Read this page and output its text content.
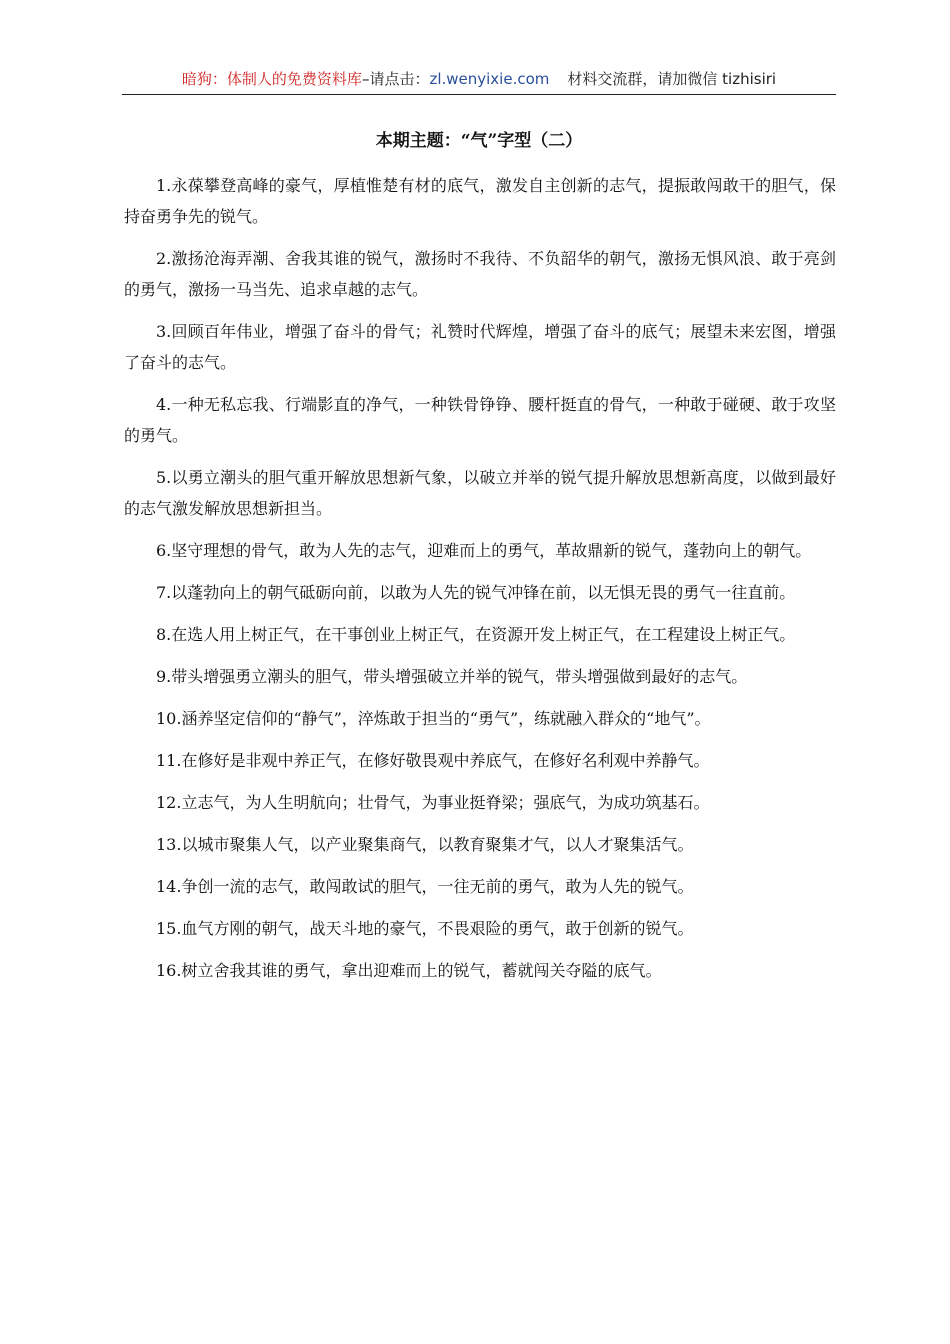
暗狗：体制人的免费资料库–请点击：zl.wenyixie.com 材料交流群，请加微信 tizhisiri
本期主题：“气”字型（二）

1.永葆攀登高峰的豪气，厚植惟楚有材的底气，激发自主创新的志气，提振敢闯敢干的胆气，保持奋勇争先的锐气。

2.激扬沧海弄潮、舍我其谁的锐气，激扬时不我待、不负韶华的朝气，激扬无惧风浪、敢于亮剑的勇气，激扬一马当先、追求卓越的志气。

3.回顾百年伟业，增强了奋斗的骨气；礼赞时代辉煌，增强了奋斗的底气；展望未来宏图，增强了奋斗的志气。

4.一种无私忘我、行端影直的净气，一种铁骨铮铮、腰杆挺直的骨气，一种敢于碰硬、敢于攻坚的勇气。

5.以勇立潮头的胆气重开解放思想新气象，以破立并举的锐气提升解放思想新高度，以做到最好的志气激发解放思想新担当。

6.坚守理想的骨气，敢为人先的志气，迎难而上的勇气，革故鼎新的锐气，蓬勃向上的朝气。

7.以蓬勃向上的朝气砥砺向前，以敢为人先的锐气冲锋在前，以无惧无畏的勇气一往直前。

8.在选人用上树正气，在干事创业上树正气，在资源开发上树正气，在工程建设上树正气。

9.带头增强勇立潮头的胆气，带头增强破立并举的锐气，带头增强做到最好的志气。

10.涵养坚定信仰的“静气”，淬炼敢于担当的“勇气”，练就融入群众的“地气”。

11.在修好是非观中养正气，在修好敬畏观中养底气，在修好名利观中养静气。

12.立志气，为人生明航向；壮骨气，为事业挺脊梁；强底气，为成功筑基石。

13.以城市聚集人气，以产业聚集商气，以教育聚集才气，以人才聚集活气。

14.争创一流的志气，敢闯敢试的胆气，一往无前的勇气，敢为人先的锐气。

15.血气方刚的朝气，战天斗地的豪气，不畏艰险的勇气，敢于创新的锐气。

16.树立舍我其谁的勇气，拿出迎难而上的锐气，蓄就闯关夺隘的底气。
